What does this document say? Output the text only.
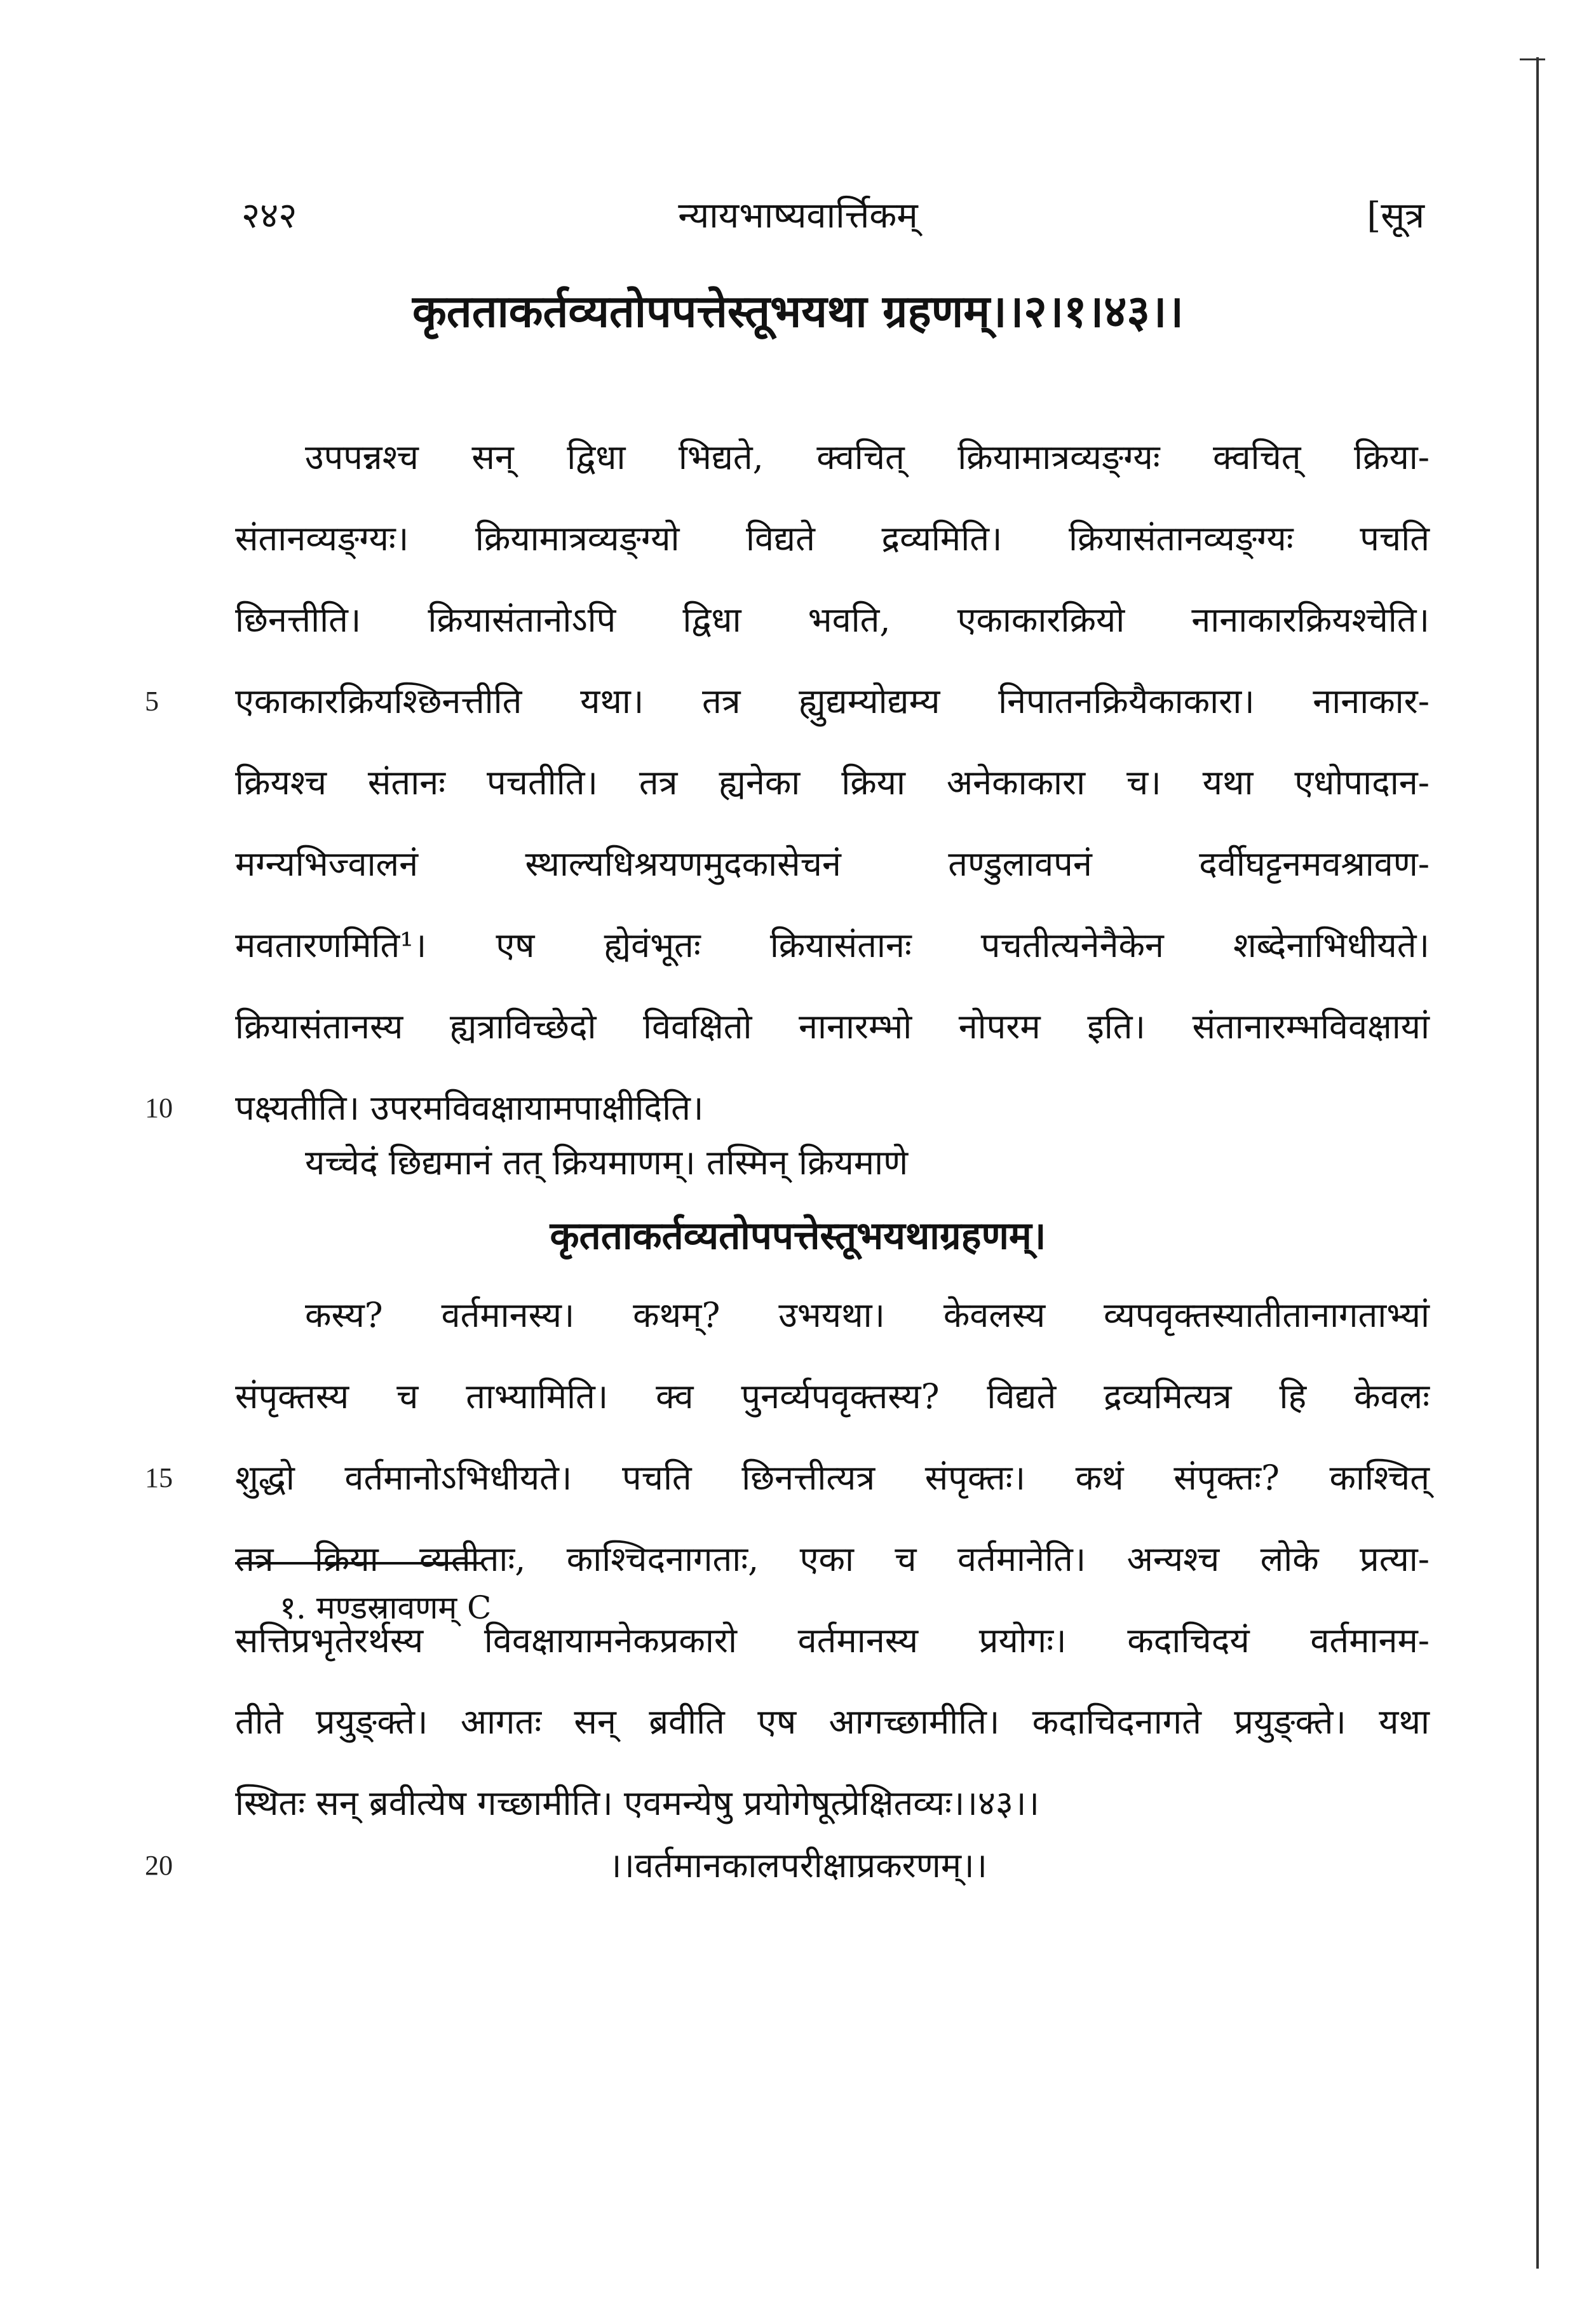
२४२	न्यायभाष्यवार्त्तिकम्	[सूत्र
कृतताकर्तव्यतोपपत्तेस्तूभयथा ग्रहणम्।।२।१।४३।।
उपपन्नश्च सन् द्विधा भिद्यते, क्वचित् क्रियामात्रव्यङ्ग्यः क्वचित् क्रिया-
संतानव्यङ्ग्यः। क्रियामात्रव्यङ्ग्यो विद्यते द्रव्यमिति। क्रियासंतानव्यङ्ग्यः पचति
छिनत्तीति। क्रियासंतानोऽपि द्विधा भवति, एकाकारक्रियो नानाकारक्रियश्चेति।
एकाकारक्रियश्छिनत्तीति यथा। तत्र ह्युद्यम्योद्यम्य निपातनक्रियैकाकारा। नानाकार-
क्रियश्च संतानः पचतीति। तत्र ह्यनेका क्रिया अनेकाकारा च। यथा एधोपादान-
मग्न्यभिज्वालनं स्थाल्यधिश्रयणमुदकासेचनं तण्डुलावपनं दर्वीघट्टनमवश्रावण-
मवतारणमिति¹। एष ह्येवंभूतः क्रियासंतानः पचतीत्यनेनैकेन शब्देनाभिधीयते।
क्रियासंतानस्य ह्यत्राविच्छेदो विवक्षितो नानारम्भो नोपरम इति। संतानारम्भविवक्षायां
पक्ष्यतीति। उपरमविवक्षायामपाक्षीदिति।
यच्चेदं छिद्यमानं तत् क्रियमाणम्। तस्मिन् क्रियमाणे
कृतताकर्तव्यतोपपत्तेस्तूभयथाग्रहणम्।
कस्य? वर्तमानस्य। कथम्? उभयथा। केवलस्य व्यपवृक्तस्यातीतानागताभ्यां
संपृक्तस्य च ताभ्यामिति। क्व पुनर्व्यपवृक्तस्य? विद्यते द्रव्यमित्यत्र हि केवलः
शुद्धो वर्तमानोऽभिधीयते। पचति छिनत्तीत्यत्र संपृक्तः। कथं संपृक्तः? काश्चित्
तत्र क्रिया व्यतीताः, काश्चिदनागताः, एका च वर्तमानेति। अन्यश्च लोके प्रत्या-
सत्तिप्रभृतेरर्थस्य विवक्षायामनेकप्रकारो वर्तमानस्य प्रयोगः। कदाचिदयं वर्तमानम-
तीते प्रयुङ्क्ते। आगतः सन् ब्रवीति एष आगच्छामीति। कदाचिदनागते प्रयुङ्क्ते। यथा
स्थितः सन् ब्रवीत्येष गच्छामीति। एवमन्येषु प्रयोगेषूत्प्रेक्षितव्यः।।४३।।
।।वर्तमानकालपरीक्षाप्रकरणम्।।
5
10
15
20
१. मण्डस्रावणम् C
